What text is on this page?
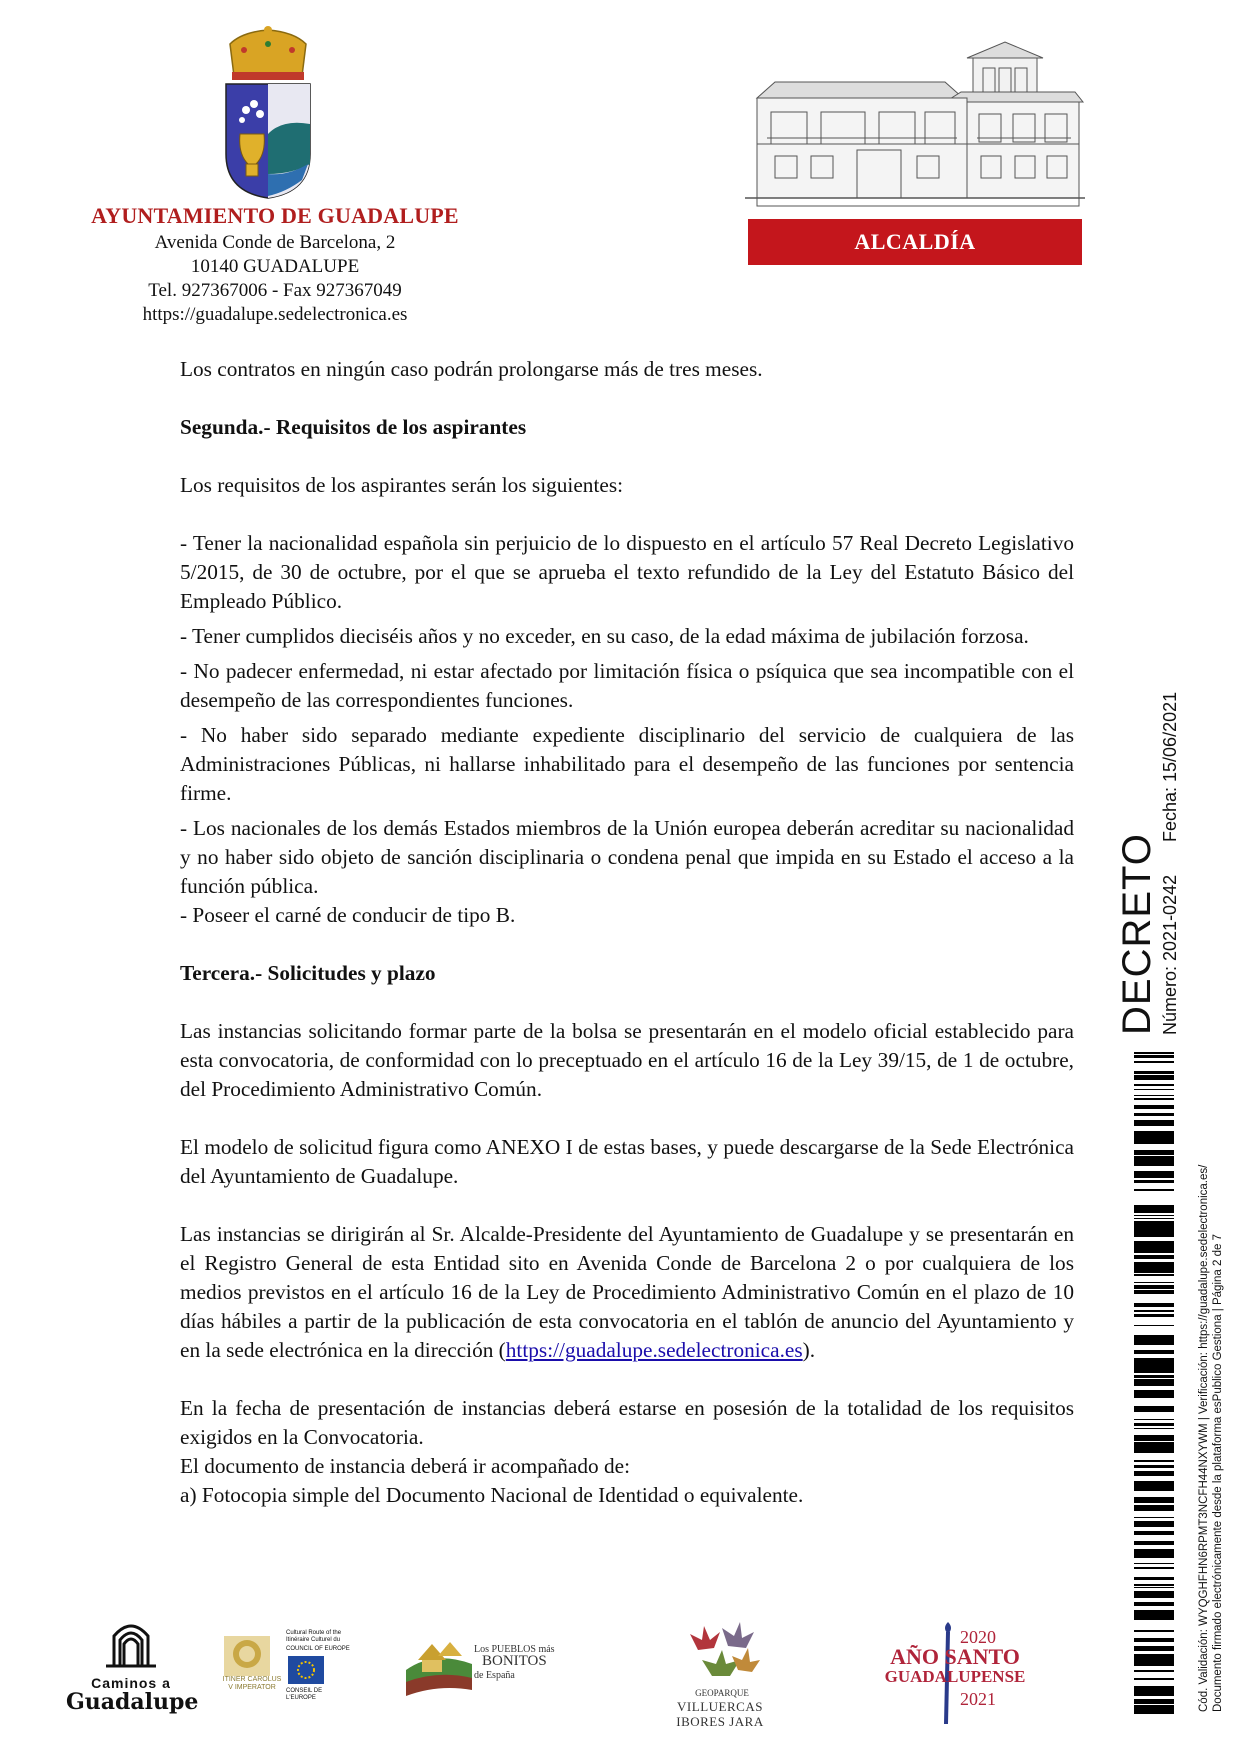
AYUNTAMIENTO DE GUADALUPE
Avenida Conde de Barcelona, 2
10140 GUADALUPE
Tel. 927367006 - Fax 927367049
https://guadalupe.sedelectronica.es
ALCALDÍA

Los contratos en ningún caso podrán prolongarse más de tres meses.

Segunda.- Requisitos de los aspirantes

Los requisitos de los aspirantes serán los siguientes:

- Tener la nacionalidad española sin perjuicio de lo dispuesto en el artículo 57 Real Decreto Legislativo 5/2015, de 30 de octubre, por el que se aprueba el texto refundido de la Ley del Estatuto Básico del Empleado Público.

- Tener cumplidos dieciséis años y no exceder, en su caso, de la edad máxima de jubilación forzosa.

- No padecer enfermedad, ni estar afectado por limitación física o psíquica que sea incompatible con el desempeño de las correspondientes funciones.

- No haber sido separado mediante expediente disciplinario del servicio de cualquiera de las Administraciones Públicas, ni hallarse inhabilitado para el desempeño de las funciones por sentencia firme.

- Los nacionales de los demás Estados miembros de la Unión europea deberán acreditar su nacionalidad y no haber sido objeto de sanción disciplinaria o condena penal que impida en su Estado el acceso a la función pública.

- Poseer el carné de conducir de tipo B.

Tercera.- Solicitudes y plazo

Las instancias solicitando formar parte de la bolsa se presentarán en el modelo oficial establecido para esta convocatoria, de conformidad con lo preceptuado en el artículo 16 de la Ley 39/15, de 1 de octubre, del Procedimiento Administrativo Común.

El modelo de solicitud figura como ANEXO I de estas bases, y puede descargarse de la Sede Electrónica del Ayuntamiento de Guadalupe.

Las instancias se dirigirán al Sr. Alcalde-Presidente del Ayuntamiento de Guadalupe y se presentarán en el Registro General de esta Entidad sito en Avenida Conde de Barcelona 2 o por cualquiera de los medios previstos en el artículo 16 de la Ley de Procedimiento Administrativo Común en el plazo de 10 días hábiles a partir de la publicación de esta convocatoria en el tablón de anuncio del Ayuntamiento y en la sede electrónica en la dirección (https://guadalupe.sedelectronica.es).

En la fecha de presentación de instancias deberá estarse en posesión de la totalidad de los requisitos exigidos en la Convocatoria.

El documento de instancia deberá ir acompañado de:

a) Fotocopia simple del Documento Nacional de Identidad o equivalente.

DECRETO Número: 2021-0242
Fecha: 15/06/2021
Cód. Validación: WYQGHFHN6RPMT3NCFH44NXYWM | Verificación: https://guadalupe.sedelectronica.es/ Documento firmado electrónicamente desde la plataforma esPublico Gestiona | Página 2 de 7
Caminos a
Guadalupe
ITINER CAROLUS V IMPERATOR
Cultural Route of the Itinéraire Culturel du
COUNCIL OF EUROPE
CONSEIL DE L'EUROPE
Los PUEBLOS más
BONITOS
de España
GEOPARQUE
VILLUERCAS
IBORES JARA
2020
AÑO SANTO
GUADALUPENSE
2021
